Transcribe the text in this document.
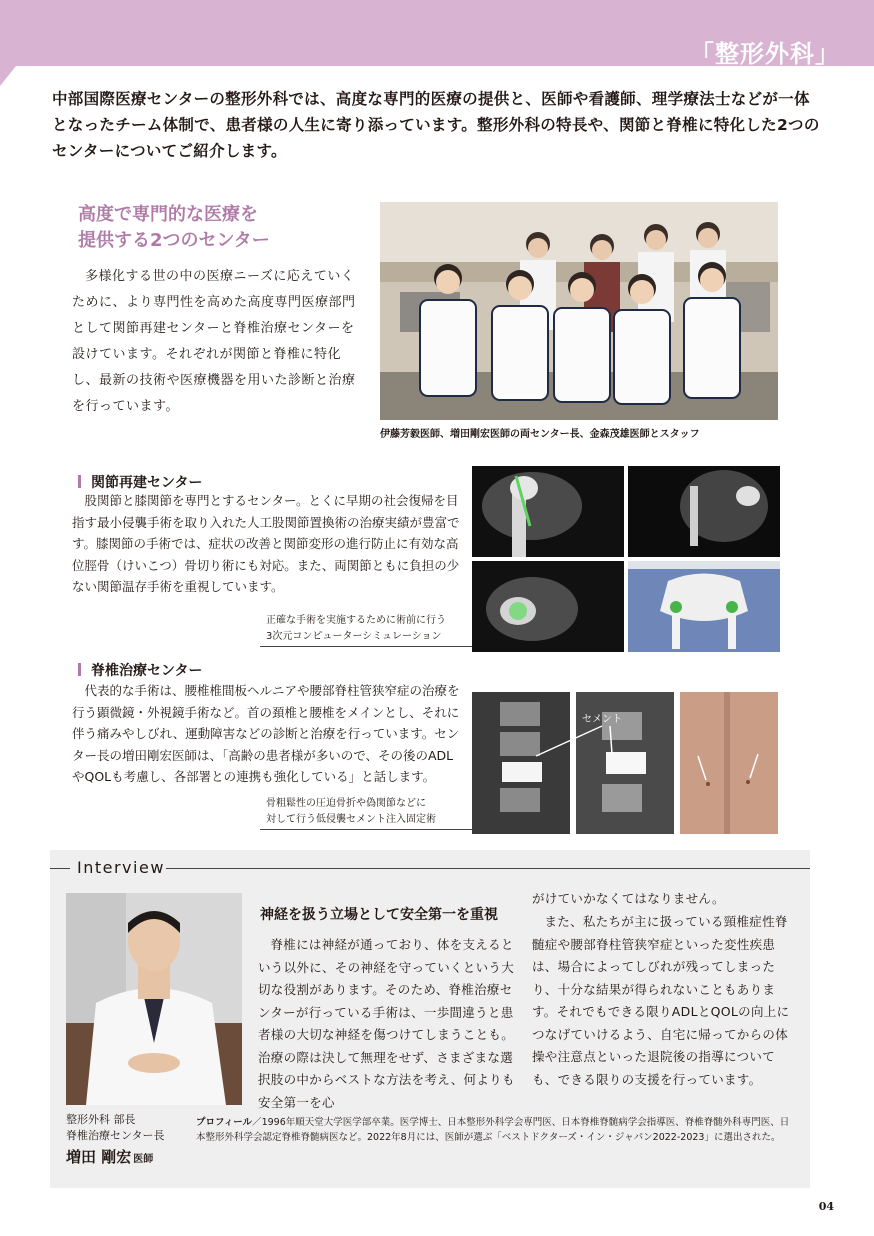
「整形外科」
中部国際医療センターの整形外科では、高度な専門的医療の提供と、医師や看護師、理学療法士などが一体となったチーム体制で、患者様の人生に寄り添っています。整形外科の特長や、関節と脊椎に特化した2つのセンターについてご紹介します。
高度で専門的な医療を
提供する2つのセンター
多様化する世の中の医療ニーズに応えていくために、より専門性を高めた高度専門医療部門として関節再建センターと脊椎治療センターを設けています。それぞれが関節と脊椎に特化し、最新の技術や医療機器を用いた診断と治療を行っています。
伊藤芳毅医師、増田剛宏医師の両センター長、金森茂雄医師とスタッフ
関節再建センター
股関節と膝関節を専門とするセンター。とくに早期の社会復帰を目指す最小侵襲手術を取り入れた人工股関節置換術の治療実績が豊富です。膝関節の手術では、症状の改善と関節変形の進行防止に有効な高位脛骨（けいこつ）骨切り術にも対応。また、両関節ともに負担の少ない関節温存手術を重視しています。
正確な手術を実施するために術前に行う
3次元コンピューターシミュレーション
脊椎治療センター
代表的な手術は、腰椎椎間板ヘルニアや腰部脊柱管狭窄症の治療を行う顕微鏡・外視鏡手術など。首の頚椎と腰椎をメインとし、それに伴う痛みやしびれ、運動障害などの診断と治療を行っています。センター長の増田剛宏医師は、「高齢の患者様が多いので、その後のADLやQOLも考慮し、各部署との連携も強化している」と話します。
骨粗鬆性の圧迫骨折や偽関節などに
対して行う低侵襲セメント注入固定術
セメント
Interview
整形外科 部長
脊椎治療センター長
増田 剛宏 医師
神経を扱う立場として安全第一を重視
脊椎には神経が通っており、体を支えるという以外に、その神経を守っていくという大切な役割があります。そのため、脊椎治療センターが行っている手術は、一歩間違うと患者様の大切な神経を傷つけてしまうことも。治療の際は決して無理をせず、さまざまな選択肢の中からベストな方法を考え、何よりも安全第一を心
がけていかなくてはなりません。
また、私たちが主に扱っている頸椎症性脊髄症や腰部脊柱管狭窄症といった変性疾患は、場合によってしびれが残ってしまったり、十分な結果が得られないこともあります。それでもできる限りADLとQOLの向上につなげていけるよう、自宅に帰ってからの体操や注意点といった退院後の指導についても、できる限りの支援を行っています。
プロフィール／1996年順天堂大学医学部卒業。医学博士、日本整形外科学会専門医、日本脊椎脊髄病学会指導医、脊椎脊髄外科専門医、日本整形外科学会認定脊椎脊髄病医など。2022年8月には、医師が選ぶ「ベストドクターズ・イン・ジャパン2022-2023」に選出された。
04
